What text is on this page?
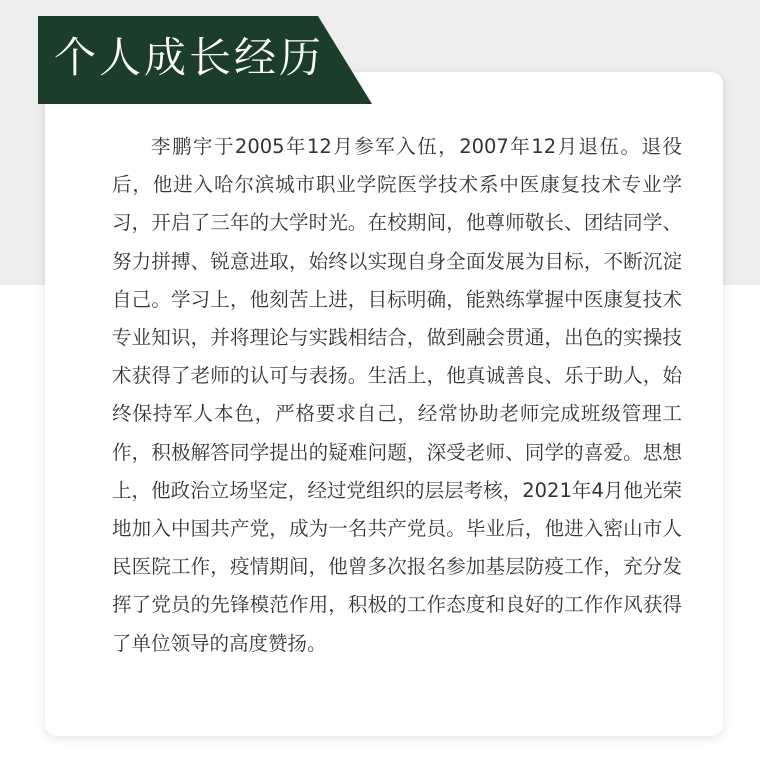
个人成长经历

李鹏宇于2005年12月参军入伍，2007年12月退伍。退役后，他进入哈尔滨城市职业学院医学技术系中医康复技术专业学习，开启了三年的大学时光。在校期间，他尊师敬长、团结同学、努力拼搏、锐意进取，始终以实现自身全面发展为目标，不断沉淀自己。学习上，他刻苦上进，目标明确，能熟练掌握中医康复技术专业知识，并将理论与实践相结合，做到融会贯通，出色的实操技术获得了老师的认可与表扬。生活上，他真诚善良、乐于助人，始终保持军人本色，严格要求自己，经常协助老师完成班级管理工作，积极解答同学提出的疑难问题，深受老师、同学的喜爱。思想上，他政治立场坚定，经过党组织的层层考核，2021年4月他光荣地加入中国共产党，成为一名共产党员。毕业后，他进入密山市人民医院工作，疫情期间，他曾多次报名参加基层防疫工作，充分发挥了党员的先锋模范作用，积极的工作态度和良好的工作作风获得了单位领导的高度赞扬。
